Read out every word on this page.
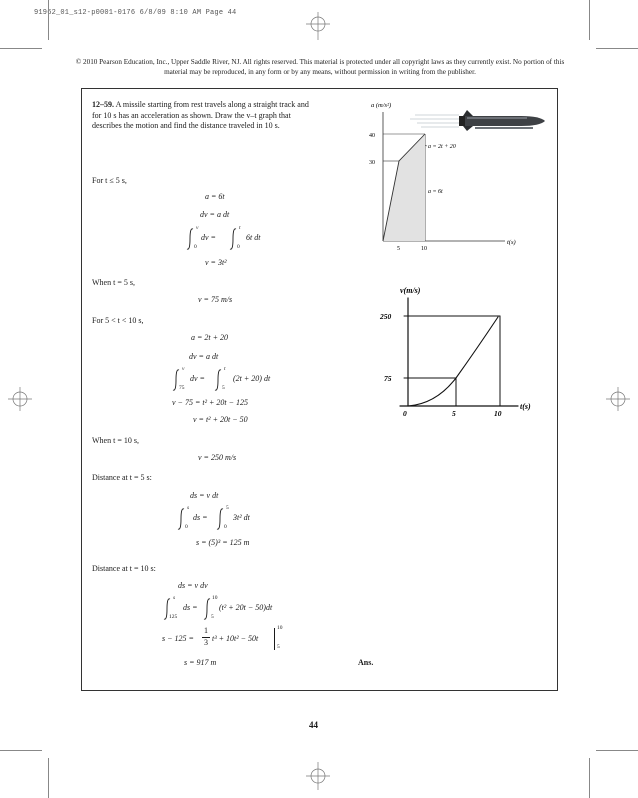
91962_01_s12-p0001-0176 6/8/09 8:10 AM Page 44
© 2010 Pearson Education, Inc., Upper Saddle River, NJ. All rights reserved. This material is protected under all copyright laws as they currently exist. No portion of this material may be reproduced, in any form or by any means, without permission in writing from the publisher.
12–59. A missile starting from rest travels along a straight track and for 10 s has an acceleration as shown. Draw the v–t graph that describes the motion and find the distance traveled in 10 s.
For t ≤ 5 s,
a = 6t
dv = a dt
v
0
dv =
t
0
6t dt
v = 3t²
When t = 5 s,
v = 75 m/s
For 5 < t < 10 s,
a = 2t + 20
dv = a dt
v
75
dv =
t
5
(2t + 20) dt
v − 75 = t² + 20t − 125
v = t² + 20t − 50
When t = 10 s,
v = 250 m/s
Distance at t = 5 s:
ds = v dt
s
0
ds =
5
0
3t² dt
s = (5)³ = 125 m
Distance at t = 10 s:
ds = v dv
s
125
ds =
10
5
(t² + 20t − 50)dt
s − 125 =
1
3 t³ + 10t² − 50t
10
5
s = 917 m	Ans.
a (m/s²)
40
30
5	10
t(s)
a = 2t + 20
a = 6t
v(m/s)
250
75
0	5	10
t(s)
44
